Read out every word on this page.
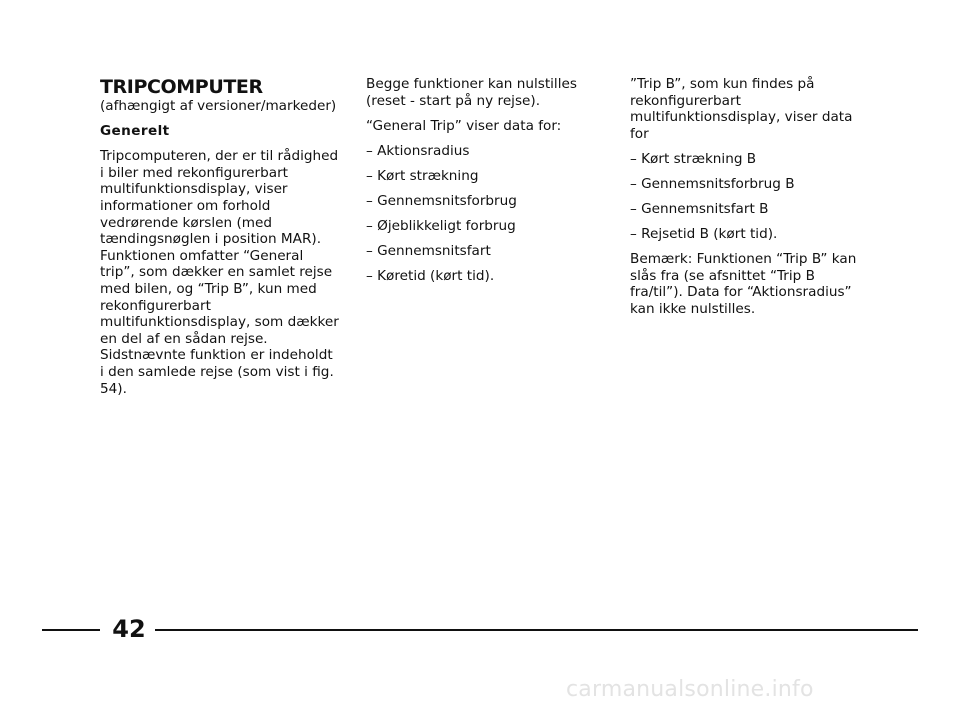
TRIPCOMPUTER

(afhængigt af versioner/markeder)

Generelt

Tripcomputeren, der er til rådighed i biler med rekonfigurerbart multifunktionsdisplay, viser informationer om forhold vedrørende kørslen (med tændingsnøglen i position MAR). Funktionen omfatter “General trip”, som dækker en samlet rejse med bilen, og “Trip B”, kun med rekonfigurerbart multifunktionsdisplay, som dækker en del af en sådan rejse. Sidstnævnte funktion er indeholdt i den samlede rejse (som vist i fig. 54).

Begge funktioner kan nulstilles (reset - start på ny rejse).

“General Trip” viser data for:

– Aktionsradius

– Kørt strækning

– Gennemsnitsforbrug

– Øjeblikkeligt forbrug

– Gennemsnitsfart

– Køretid (kørt tid).

”Trip B”, som kun findes på rekonfigurerbart multifunktionsdisplay, viser data for

– Kørt strækning B

– Gennemsnitsforbrug B

– Gennemsnitsfart B

– Rejsetid B (kørt tid).

Bemærk: Funktionen “Trip B” kan slås fra (se afsnittet “Trip B fra/til”). Data for “Aktionsradius” kan ikke nulstilles.

42
carmanualsonline.info
